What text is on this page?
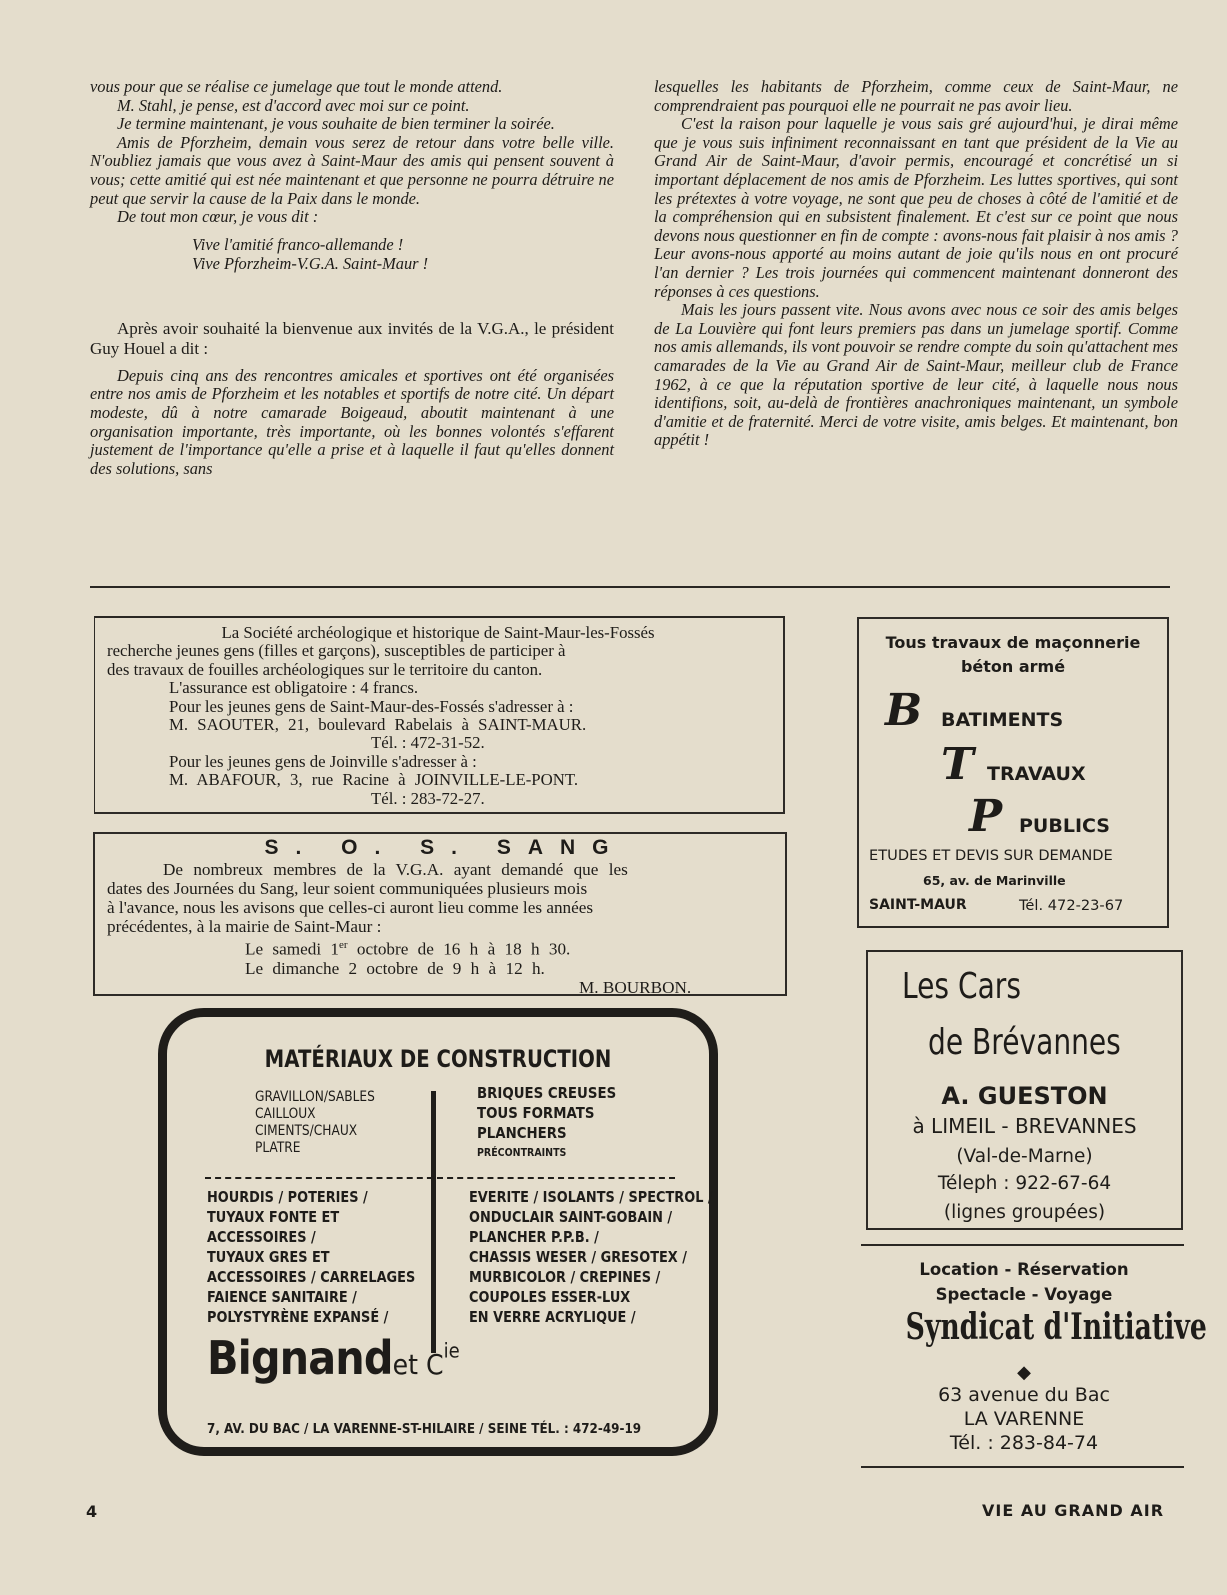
vous pour que se réalise ce jumelage que tout le monde attend.

M. Stahl, je pense, est d'accord avec moi sur ce point.

Je termine maintenant, je vous souhaite de bien terminer la soirée.

Amis de Pforzheim, demain vous serez de retour dans votre belle ville. N'oubliez jamais que vous avez à Saint-Maur des amis qui pensent souvent à vous; cette amitié qui est née maintenant et que personne ne pourra détruire ne peut que servir la cause de la Paix dans le monde.

De tout mon cœur, je vous dit :

Vive l'amitié franco-allemande !
Vive Pforzheim-V.G.A. Saint-Maur !

Après avoir souhaité la bienvenue aux invités de la V.G.A., le président Guy Houel a dit :

Depuis cinq ans des rencontres amicales et sportives ont été organisées entre nos amis de Pforzheim et les notables et sportifs de notre cité. Un départ modeste, dû à notre camarade Boigeaud, aboutit maintenant à une organisation importante, très importante, où les bonnes volontés s'effarent justement de l'importance qu'elle a prise et à laquelle il faut qu'elles donnent des solutions, sans

lesquelles les habitants de Pforzheim, comme ceux de Saint-Maur, ne comprendraient pas pourquoi elle ne pourrait ne pas avoir lieu.

C'est la raison pour laquelle je vous sais gré aujourd'hui, je dirai même que je vous suis infiniment reconnaissant en tant que président de la Vie au Grand Air de Saint-Maur, d'avoir permis, encouragé et concrétisé un si important déplacement de nos amis de Pforzheim. Les luttes sportives, qui sont les prétextes à votre voyage, ne sont que peu de choses à côté de l'amitié et de la compréhension qui en subsistent finalement. Et c'est sur ce point que nous devons nous questionner en fin de compte : avons-nous fait plaisir à nos amis ? Leur avons-nous apporté au moins autant de joie qu'ils nous en ont procuré l'an dernier ? Les trois journées qui commencent maintenant donneront des réponses à ces questions.

Mais les jours passent vite. Nous avons avec nous ce soir des amis belges de La Louvière qui font leurs premiers pas dans un jumelage sportif. Comme nos amis allemands, ils vont pouvoir se rendre compte du soin qu'attachent mes camarades de la Vie au Grand Air de Saint-Maur, meilleur club de France 1962, à ce que la réputation sportive de leur cité, à laquelle nous nous identifions, soit, au-delà de frontières anachroniques maintenant, un symbole d'amitie et de fraternité. Merci de votre visite, amis belges. Et maintenant, bon appétit !

La Société archéologique et historique de Saint-Maur-les-Fossés
recherche jeunes gens (filles et garçons), susceptibles de participer à
des travaux de fouilles archéologiques sur le territoire du canton.
L'assurance est obligatoire : 4 francs.
Pour les jeunes gens de Saint-Maur-des-Fossés s'adresser à :
M. SAOUTER, 21, boulevard Rabelais à SAINT-MAUR.
Tél. : 472-31-52.
Pour les jeunes gens de Joinville s'adresser à :
M. ABAFOUR, 3, rue Racine à JOINVILLE-LE-PONT.
Tél. : 283-72-27.
S. O. S. SANG
De nombreux membres de la V.G.A. ayant demandé que les
dates des Journées du Sang, leur soient communiquées plusieurs mois
à l'avance, nous les avisons que celles-ci auront lieu comme les années
précédentes, à la mairie de Saint-Maur :
Le samedi 1er octobre de 16 h à 18 h 30.
Le dimanche 2 octobre de 9 h à 12 h.
M. BOURBON.
MATÉRIAUX DE CONSTRUCTION
GRAVILLON/SABLES
CAILLOUX
CIMENTS/CHAUX
PLATRE
BRIQUES CREUSES
TOUS FORMATS
PLANCHERS
PRÉCONTRAINTS
HOURDIS / POTERIES /
TUYAUX FONTE ET
ACCESSOIRES /
TUYAUX GRES ET
ACCESSOIRES / CARRELAGES
FAIENCE SANITAIRE /
POLYSTYRÈNE EXPANSÉ /
EVERITE / ISOLANTS / SPECTROL /
ONDUCLAIR SAINT-GOBAIN /
PLANCHER P.P.B. /
CHASSIS WESER / GRESOTEX /
MURBICOLOR / CREPINES /
COUPOLES ESSER-LUX
EN VERRE ACRYLIQUE /
Bignandet $C^{ie}$
7, AV. DU BAC / LA VARENNE-ST-HILAIRE / SEINE TÉL. : 472-49-19
Tous travaux de maçonnerie
béton armé
B BATIMENTS
T TRAVAUX
P PUBLICS
ETUDES ET DEVIS SUR DEMANDE
65, av. de Marinville
SAINT-MAUR	Tél. 472-23-67
Les Cars
de Brévannes
A. GUESTON
à LIMEIL - BREVANNES
(Val-de-Marne)
Téleph : 922-67-64
(lignes groupées)
Location - Réservation
Spectacle - Voyage
Syndicat d'Initiative
◆
63 avenue du Bac
LA VARENNE
Tél. : 283-84-74
4	VIE AU GRAND AIR
